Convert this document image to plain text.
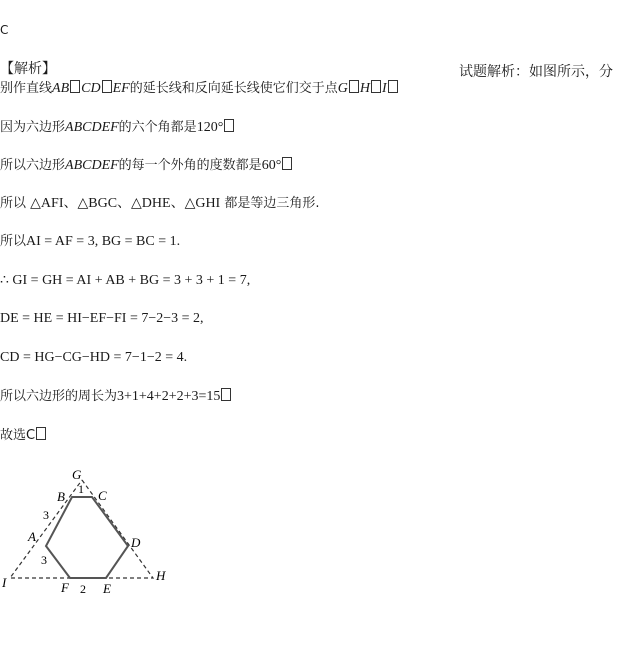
C
【解析】	试题解析：如图所示，分
别作直线AB CD EF的延长线和反向延长线使它们交于点G H I
因为六边形ABCDEF的六个角都是120°
所以六边形ABCDEF的每一个外角的度数都是60°
所以 △AFI、△BGC、△DHE、△GHI 都是等边三角形.
所以AI = AF = 3, BG = BC = 1.
∴ GI = GH = AI + AB + BG = 3 + 3 + 1 = 7,
DE = HE = HI−EF−FI = 7−2−3 = 2,
CD = HG−CG−HD = 7−1−2 = 4.
所以六边形的周长为3+1+4+2+2+3=15
故选C
G
B	C
A	D
I	F	E
H
1
3
3
2
